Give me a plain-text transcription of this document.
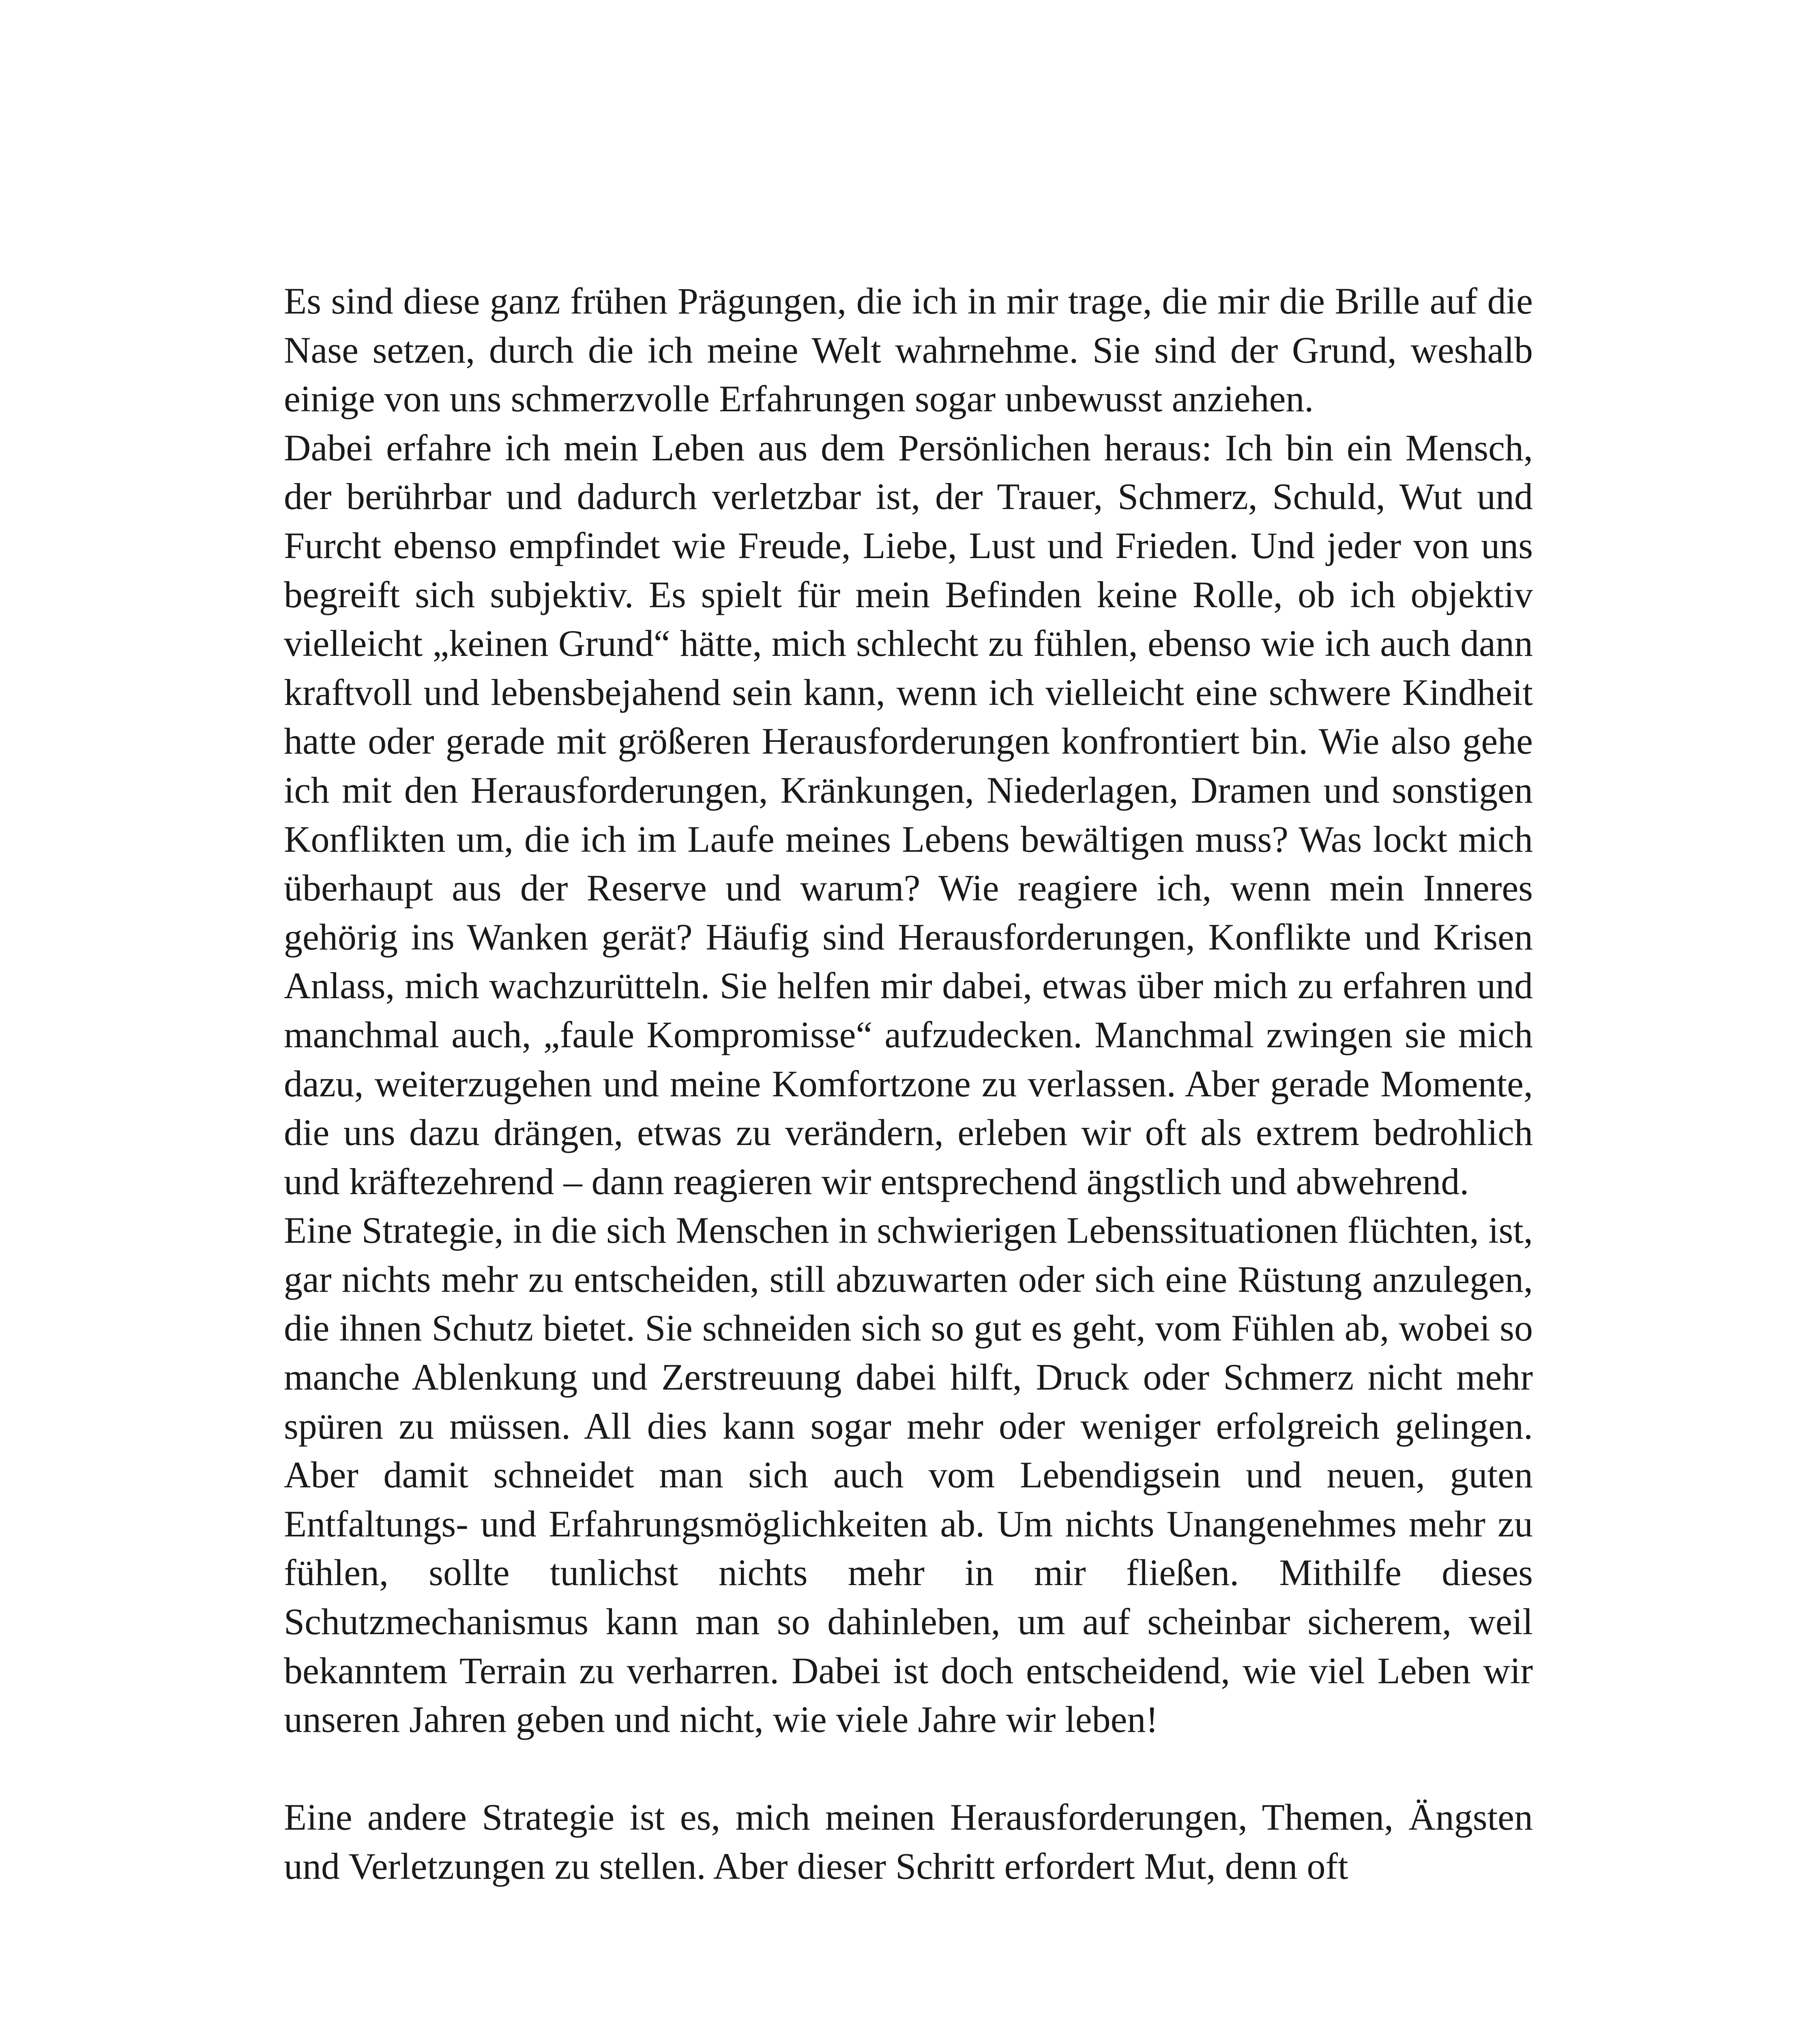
Es sind diese ganz frühen Prägungen, die ich in mir trage, die mir die Brille auf die Nase setzen, durch die ich meine Welt wahrnehme. Sie sind der Grund, weshalb einige von uns schmerzvolle Erfahrungen sogar unbewusst anziehen.

Dabei erfahre ich mein Leben aus dem Persönlichen heraus: Ich bin ein Mensch, der berührbar und dadurch verletzbar ist, der Trauer, Schmerz, Schuld, Wut und Furcht ebenso empfindet wie Freude, Liebe, Lust und Frieden. Und jeder von uns begreift sich subjektiv. Es spielt für mein Befinden keine Rolle, ob ich objektiv vielleicht „keinen Grund“ hätte, mich schlecht zu fühlen, ebenso wie ich auch dann kraftvoll und lebensbejahend sein kann, wenn ich vielleicht eine schwere Kindheit hatte oder gerade mit größeren Herausforderungen konfrontiert bin. Wie also gehe ich mit den Herausforderungen, Kränkungen, Niederlagen, Dramen und sonstigen Konflikten um, die ich im Laufe meines Lebens bewältigen muss? Was lockt mich überhaupt aus der Reserve und warum? Wie reagiere ich, wenn mein Inneres gehörig ins Wanken gerät? Häufig sind Herausforderungen, Konflikte und Krisen Anlass, mich wachzurütteln. Sie helfen mir dabei, etwas über mich zu erfahren und manchmal auch, „faule Kompromisse“ aufzudecken. Manchmal zwingen sie mich dazu, weiterzugehen und meine Komfortzone zu verlassen. Aber gerade Momente, die uns dazu drängen, etwas zu verändern, erleben wir oft als extrem bedrohlich und kräftezehrend – dann reagieren wir entsprechend ängstlich und abwehrend.

Eine Strategie, in die sich Menschen in schwierigen Lebenssituationen flüchten, ist, gar nichts mehr zu entscheiden, still abzuwarten oder sich eine Rüstung anzulegen, die ihnen Schutz bietet. Sie schneiden sich so gut es geht, vom Fühlen ab, wobei so manche Ablenkung und Zerstreuung dabei hilft, Druck oder Schmerz nicht mehr spüren zu müssen. All dies kann sogar mehr oder weniger erfolgreich gelingen. Aber damit schneidet man sich auch vom Lebendigsein und neuen, guten Entfaltungs- und Erfahrungsmöglichkeiten ab. Um nichts Unangenehmes mehr zu fühlen, sollte tunlichst nichts mehr in mir fließen. Mithilfe dieses Schutzmechanismus kann man so dahinleben, um auf scheinbar sicherem, weil bekanntem Terrain zu verharren. Dabei ist doch entscheidend, wie viel Leben wir unseren Jahren geben und nicht, wie viele Jahre wir leben!

Eine andere Strategie ist es, mich meinen Herausforderungen, Themen, Ängsten und Verletzungen zu stellen. Aber dieser Schritt erfordert Mut, denn oft
